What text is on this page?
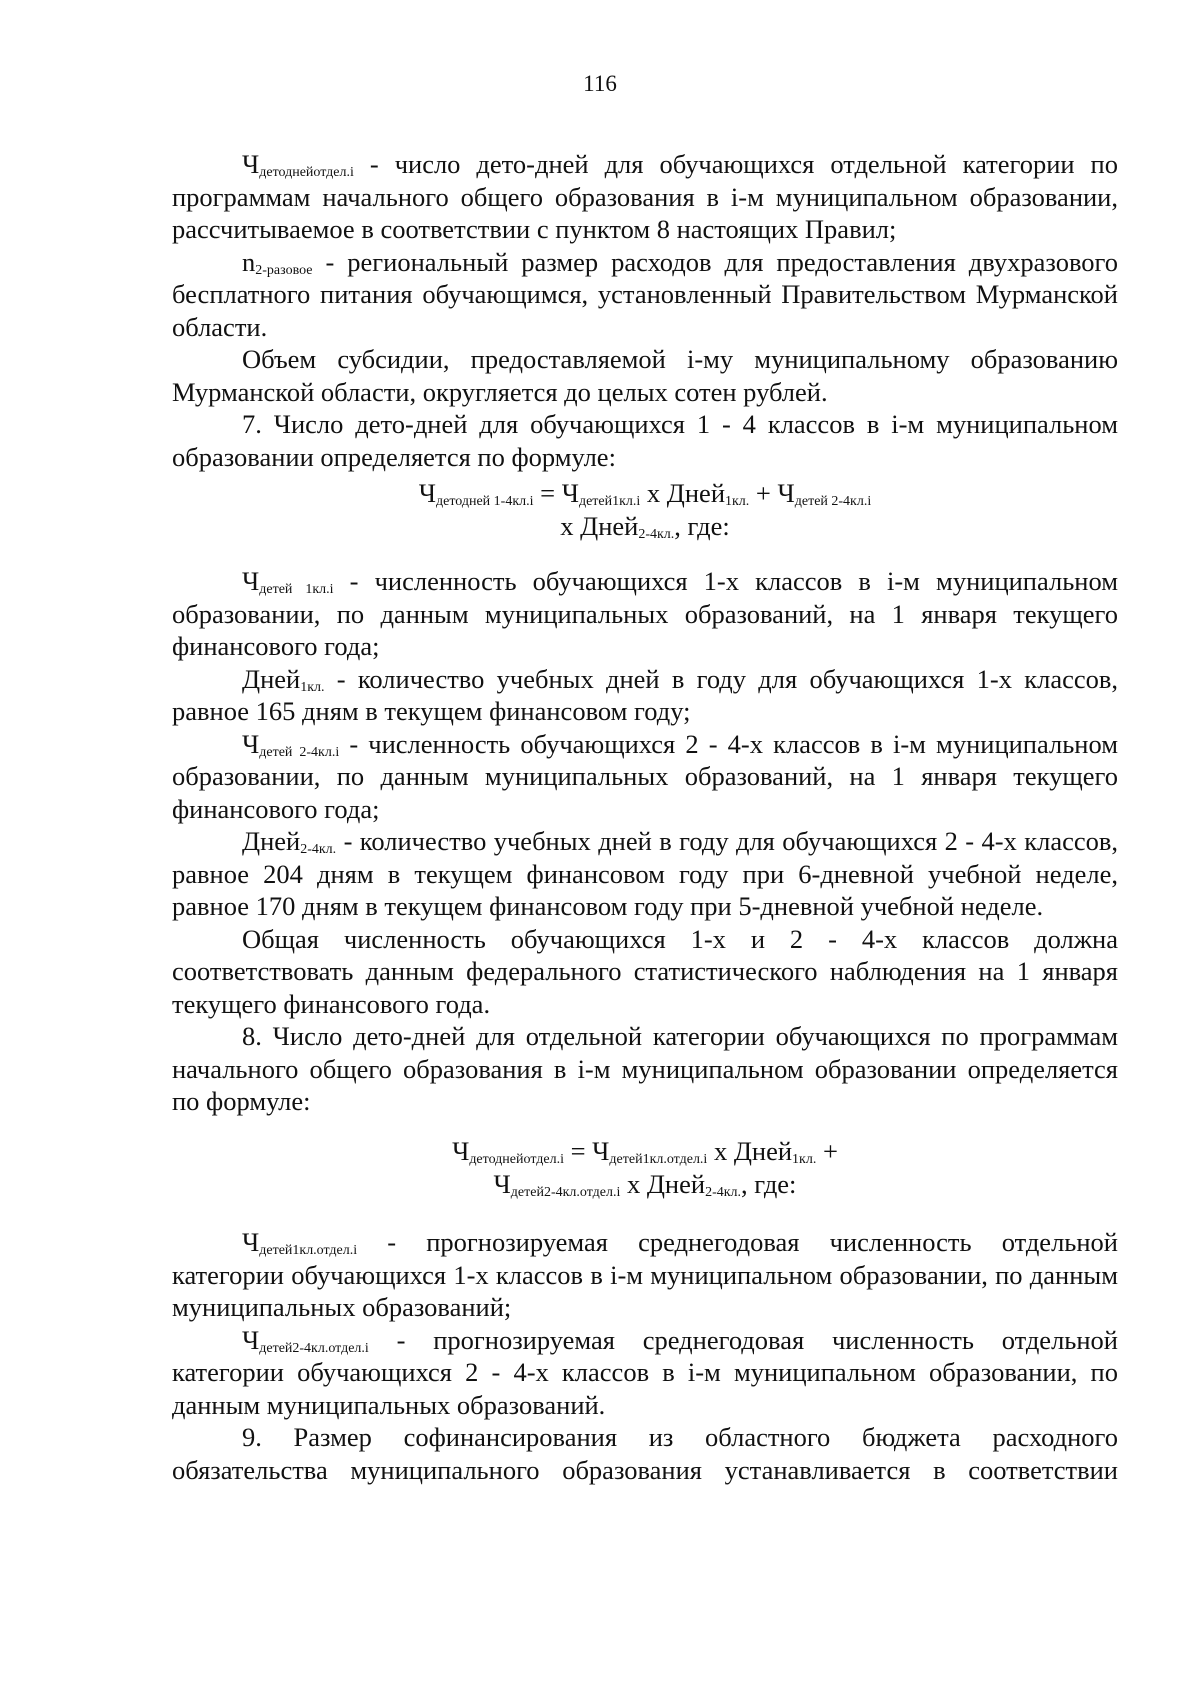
116

$Ч_{детоднейотдел.i}$ - число дето-дней для обучающихся отдельной категории по программам начального общего образования в i-м муниципальном образовании, рассчитываемое в соответствии с пунктом 8 настоящих Правил;

$n_{2-разовое}$ - региональный размер расходов для предоставления двухразового бесплатного питания обучающимся, установленный Правительством Мурманской области.

Объем субсидии, предоставляемой i-му муниципальному образованию Мурманской области, округляется до целых сотен рублей.

7. Число дето-дней для обучающихся 1 - 4 классов в i-м муниципальном образовании определяется по формуле:

$Ч_{детодней 1-4кл.i} = Ч_{детей1кл.i}$ х Дней$_{1кл.}$ + $Ч_{детей 2-4кл.i}$
х Дней$_{2-4кл.}$, где:

$Ч_{детей 1кл.i}$ - численность обучающихся 1-х классов в i-м муниципальном образовании, по данным муниципальных образований, на 1 января текущего финансового года;

Дней$_{1кл.}$ - количество учебных дней в году для обучающихся 1-х классов, равное 165 дням в текущем финансовом году;

$Ч_{детей 2-4кл.i}$ - численность обучающихся 2 - 4-х классов в i-м муниципальном образовании, по данным муниципальных образований, на 1 января текущего финансового года;

Дней$_{2-4кл.}$ - количество учебных дней в году для обучающихся 2 - 4-х классов, равное 204 дням в текущем финансовом году при 6-дневной учебной неделе, равное 170 дням в текущем финансовом году при 5-дневной учебной неделе.

Общая численность обучающихся 1-х и 2 - 4-х классов должна соответствовать данным федерального статистического наблюдения на 1 января текущего финансового года.

8. Число дето-дней для отдельной категории обучающихся по программам начального общего образования в i-м муниципальном образовании определяется по формуле:

$Ч_{детоднейотдел.i} = Ч_{детей1кл.отдел.i}$ х Дней$_{1кл.}$ +
$Ч_{детей2-4кл.отдел.i}$ х Дней$_{2-4кл.}$, где:

$Ч_{детей1кл.отдел.i}$ - прогнозируемая среднегодовая численность отдельной категории обучающихся 1-х классов в i-м муниципальном образовании, по данным муниципальных образований;

$Ч_{детей2-4кл.отдел.i}$ - прогнозируемая среднегодовая численность отдельной категории обучающихся 2 - 4-х классов в i-м муниципальном образовании, по данным муниципальных образований.

9. Размер софинансирования из областного бюджета расходного обязательства муниципального образования устанавливается в соответствии
